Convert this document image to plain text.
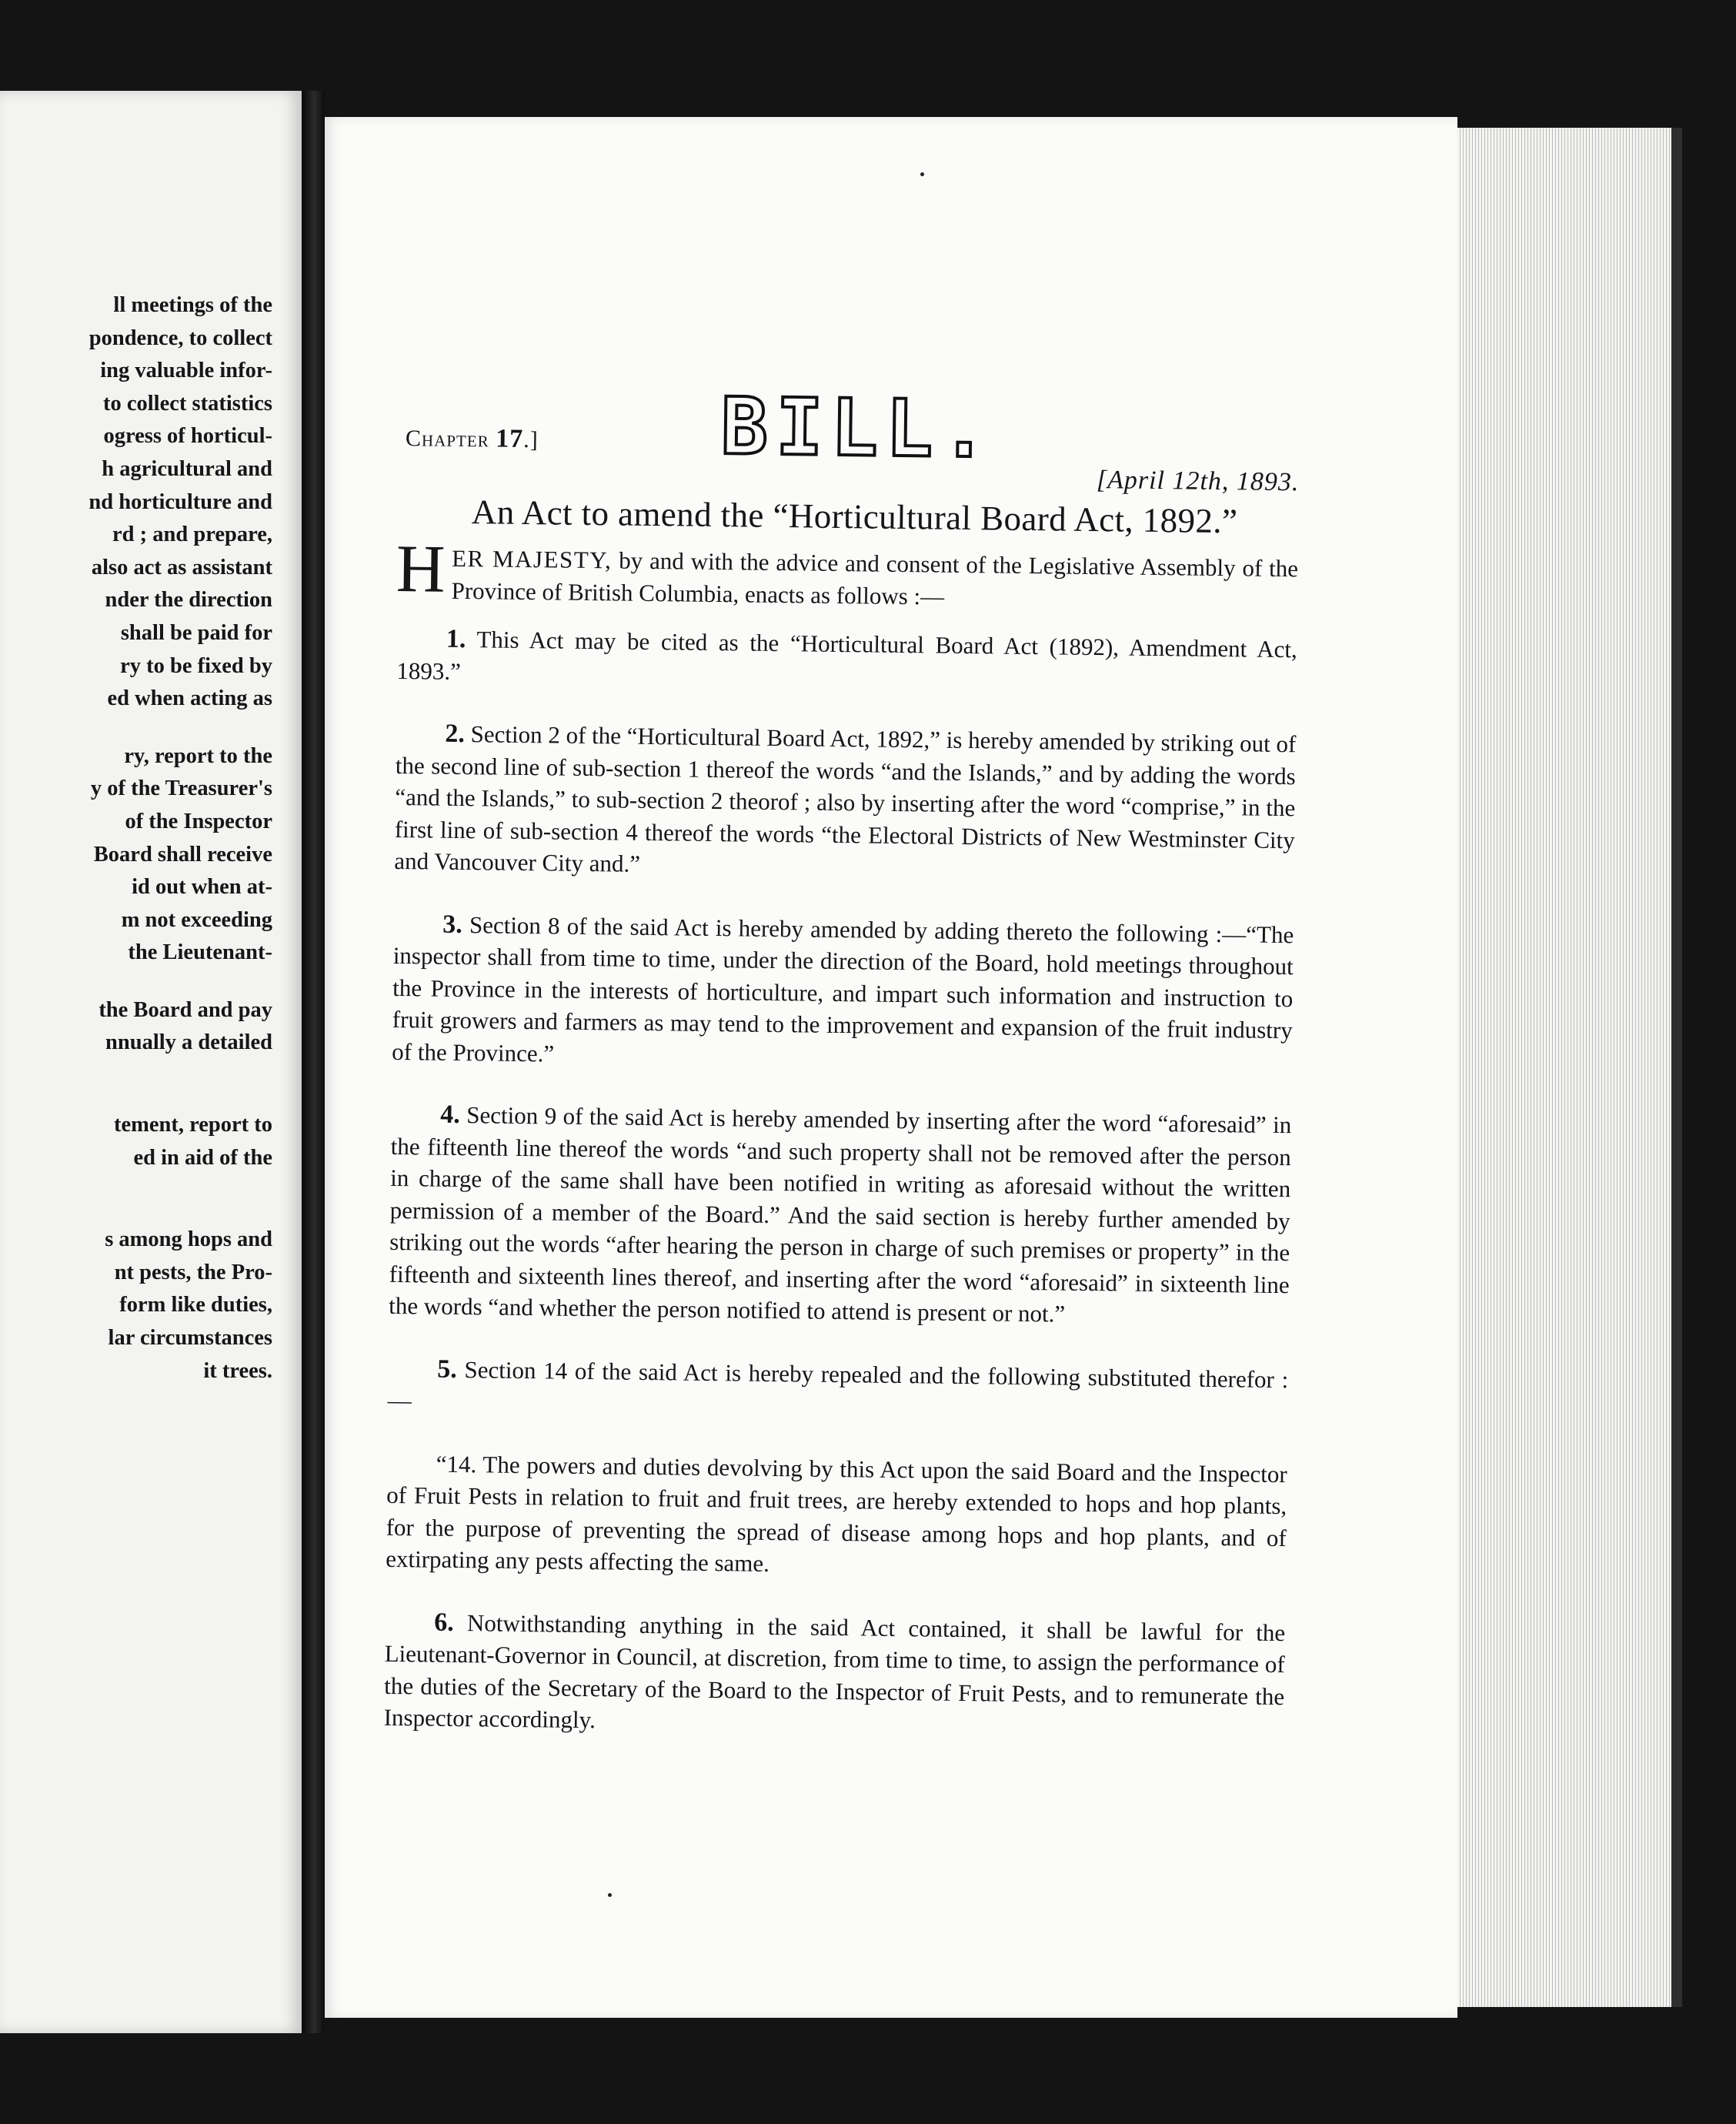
ll meetings of the
pondence, to collect
ing valuable infor-
to collect statistics
ogress of horticul-
h agricultural and
nd horticulture and
rd ; and prepare,
also act as assistant
nder the direction
shall be paid for
ry to be fixed by
ed when acting as
ry, report to the
y of the Treasurer's
of the Inspector
Board shall receive
id out when at-
m not exceeding
the Lieutenant-
the Board and pay
nnually a detailed
tement, report to
ed in aid of the
s among hops and
nt pests, the Pro-
form like duties,
lar circumstances
it trees.
BILL.
Chapter 17.]
[April 12th, 1893.
An Act to amend the “Horticultural Board Act, 1892.”
H ER MAJESTY, by and with the advice and consent of the Legislative Assembly of the Province of British Columbia, enacts as follows :—

1. This Act may be cited as the “Horticultural Board Act (1892), Amendment Act, 1893.”

2. Section 2 of the “Horticultural Board Act, 1892,” is hereby amended by striking out of the second line of sub-section 1 thereof the words “and the Islands,” and by adding the words “and the Islands,” to sub-section 2 theorof ; also by inserting after the word “comprise,” in the first line of sub-section 4 thereof the words “the Electoral Districts of New Westminster City and Vancouver City and.”

3. Section 8 of the said Act is hereby amended by adding thereto the following :—“The inspector shall from time to time, under the direction of the Board, hold meetings throughout the Province in the interests of horticulture, and impart such information and instruction to fruit growers and farmers as may tend to the improvement and expansion of the fruit industry of the Province.”

4. Section 9 of the said Act is hereby amended by inserting after the word “aforesaid” in the fifteenth line thereof the words “and such property shall not be removed after the person in charge of the same shall have been notified in writing as aforesaid without the written permission of a member of the Board.” And the said section is hereby further amended by striking out the words “after hearing the person in charge of such premises or property” in the fifteenth and sixteenth lines thereof, and inserting after the word “aforesaid” in sixteenth line the words “and whether the person notified to attend is present or not.”

5. Section 14 of the said Act is hereby repealed and the following substituted therefor :—

“14. The powers and duties devolving by this Act upon the said Board and the Inspector of Fruit Pests in relation to fruit and fruit trees, are hereby extended to hops and hop plants, for the purpose of preventing the spread of disease among hops and hop plants, and of extirpating any pests affecting the same.

6. Notwithstanding anything in the said Act contained, it shall be lawful for the Lieutenant-Governor in Council, at discretion, from time to time, to assign the performance of the duties of the Secretary of the Board to the Inspector of Fruit Pests, and to remunerate the Inspector accordingly.
